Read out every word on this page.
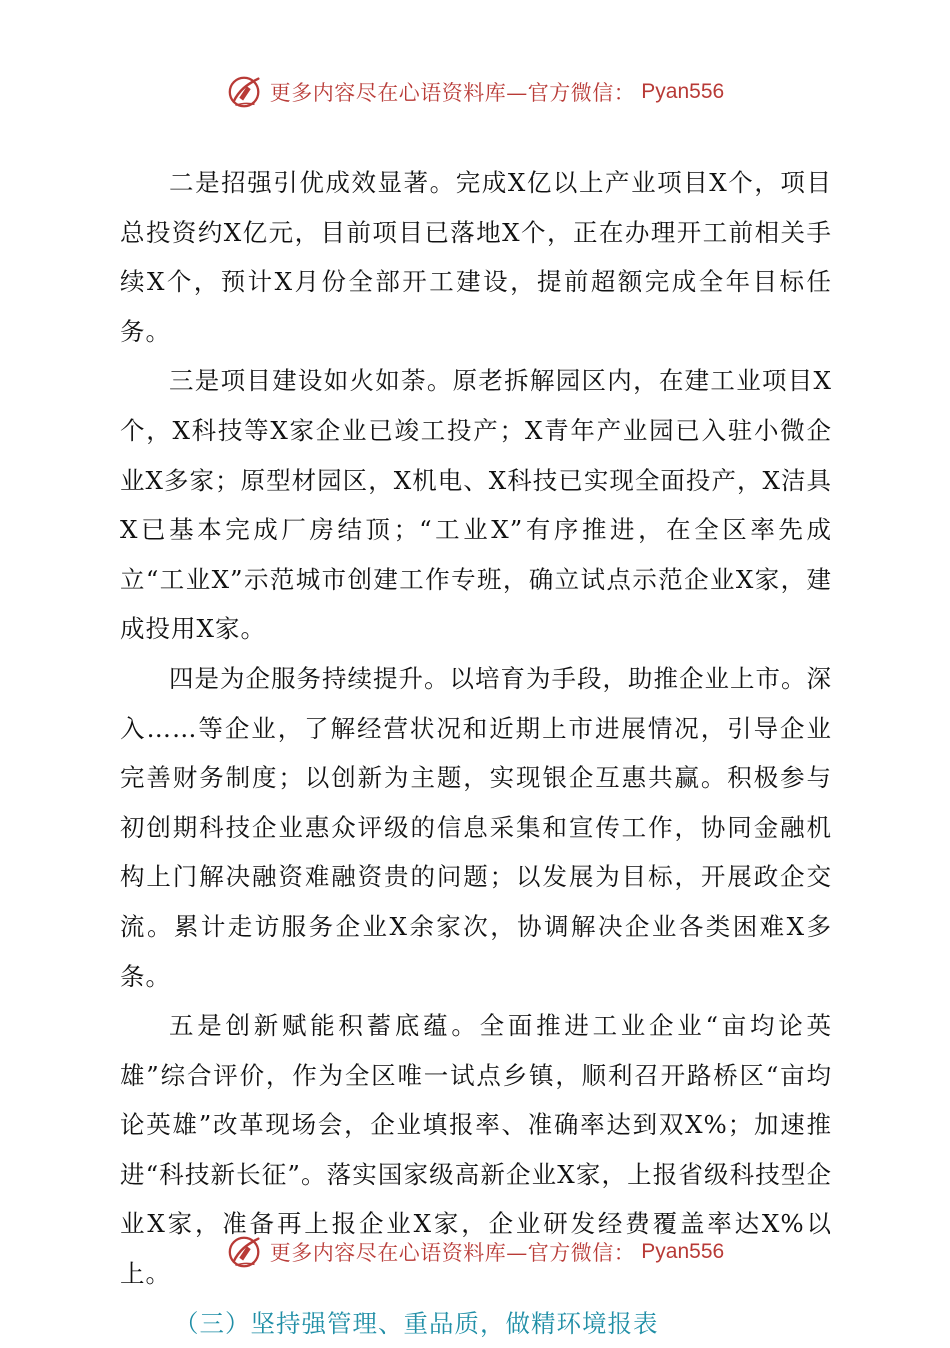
更多内容尽在心语资料库—官方微信： Pyan556

二是招强引优成效显著。完成X亿以上产业项目X个，项目总投资约X亿元，目前项目已落地X个，正在办理开工前相关手续X个，预计X月份全部开工建设，提前超额完成全年目标任务。

三是项目建设如火如荼。原老拆解园区内，在建工业项目X个，X科技等X家企业已竣工投产；X青年产业园已入驻小微企业X多家；原型材园区，X机电、X科技已实现全面投产，X洁具X已基本完成厂房结顶；“工业X”有序推进，在全区率先成立“工业X”示范城市创建工作专班，确立试点示范企业X家，建成投用X家。

四是为企服务持续提升。以培育为手段，助推企业上市。深入……等企业，了解经营状况和近期上市进展情况，引导企业完善财务制度；以创新为主题，实现银企互惠共赢。积极参与初创期科技企业惠众评级的信息采集和宣传工作，协同金融机构上门解决融资难融资贵的问题；以发展为目标，开展政企交流。累计走访服务企业X余家次，协调解决企业各类困难X多条。

五是创新赋能积蓄底蕴。全面推进工业企业“亩均论英雄”综合评价，作为全区唯一试点乡镇，顺利召开路桥区“亩均论英雄”改革现场会，企业填报率、准确率达到双X%；加速推进“科技新长征”。落实国家级高新企业X家，上报省级科技型企业X家，准备再上报企业X家，企业研发经费覆盖率达X%以上。

（三）坚持强管理、重品质，做精环境报表

更多内容尽在心语资料库—官方微信： Pyan556
